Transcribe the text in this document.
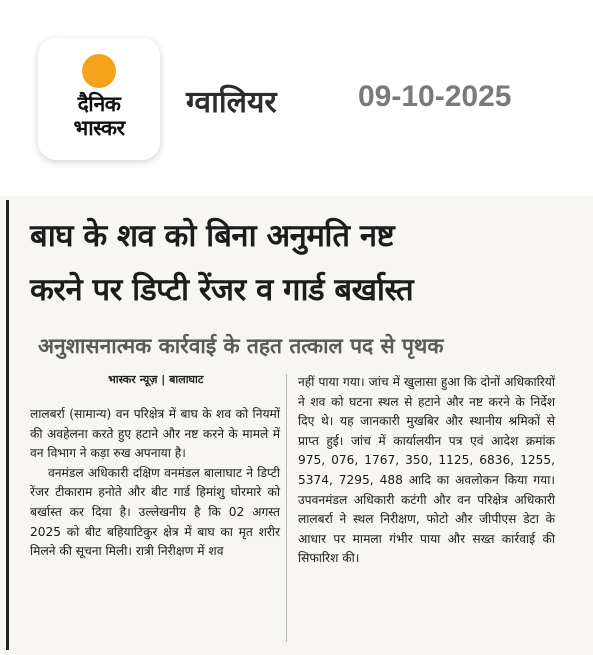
दैनिक
भास्कर
ग्वालियर	09-10-2025
बाघ के शव को बिना अनुमति नष्ट
करने पर डिप्टी रेंजर व गार्ड बर्खास्त
अनुशासनात्मक कार्रवाई के तहत तत्काल पद से पृथक
भास्कर न्यूज़ | बालाघाट

लालबर्रा (सामान्य) वन परिक्षेत्र में बाघ के शव को नियमों की अवहेलना करते हुए हटाने और नष्ट करने के मामले में वन विभाग ने कड़ा रुख अपनाया है।

वनमंडल अधिकारी दक्षिण वनमंडल बालाघाट ने डिप्टी रेंजर टीकाराम हनोते और बीट गार्ड हिमांशु घोरमारे को बर्खास्त कर दिया है। उल्लेखनीय है कि 02 अगस्त 2025 को बीट बहियाटिकुर क्षेत्र में बाघ का मृत शरीर मिलने की सूचना मिली। रात्री निरीक्षण में शव

नहीं पाया गया। जांच में खुलासा हुआ कि दोनों अधिकारियों ने शव को घटना स्थल से हटाने और नष्ट करने के निर्देश दिए थे। यह जानकारी मुखबिर और स्थानीय श्रमिकों से प्राप्त हुई। जांच में कार्यालयीन पत्र एवं आदेश क्रमांक 975, 076, 1767, 350, 1125, 6836, 1255, 5374, 7295, 488 आदि का अवलोकन किया गया। उपवनमंडल अधिकारी कटंगी और वन परिक्षेत्र अधिकारी लालबर्रा ने स्थल निरीक्षण, फोटो और जीपीएस डेटा के आधार पर मामला गंभीर पाया और सख्त कार्रवाई की सिफारिश की।
